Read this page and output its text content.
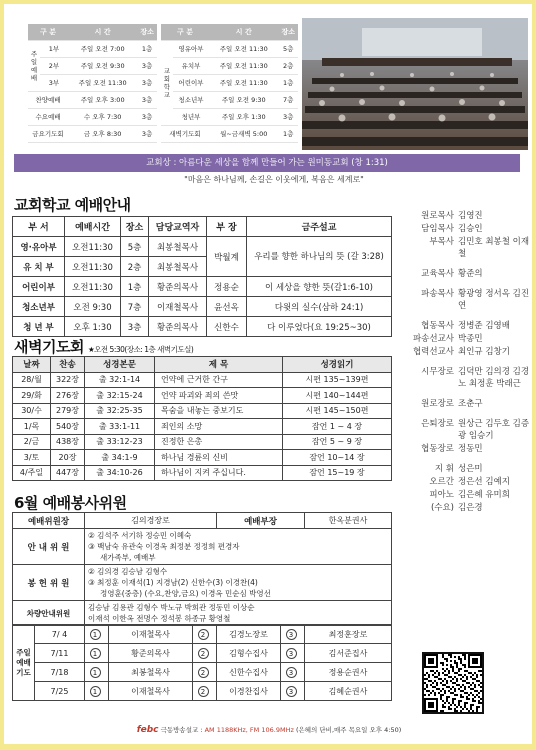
구 분		시 간	장소		구 분		시 간	장소
주일예배	1부	주일 오전 7:00	1층		교회학교	영유아부	주일 오전 11:30	5층
	2부	주일 오전 9:30	3층			유치부	주일 오전 11:30	2층
	3부	주일 오전 11:30	3층			어린이부	주일 오전 11:30	1층
찬양예배		주일 오후 3:00	3층			청소년부	주일 오전 9:30	7층
수요예배		수 오후 7:30	3층			청년부	주일 오후 1:30	3층
금요기도회		금 오후 8:30	3층		새벽기도회		월~금새벽 5:00	1층
교회상 : 아름다운 세상을 함께 만들어 가는 원미동교회 (창 1:31)
"마음은 하나님께, 손길은 이웃에게, 복음은 세계로"
교회학교 예배안내
부 서	예배시간	장소	담당교역자	부 장	금주설교
영·유아부	오전11:30	5층	최봉철목사	박월계	우리를 향한 하나님의 뜻 (갈 3:28)
유 치 부	오전11:30	2층	최봉철목사		
어린이부	오전11:30	1층	황준의목사	정용순	이 세상을 향한 뜻(갈1:6-10)
청소년부	오전 9:30	7층	이재철목사	윤선옥	다윗의 실수(삼하 24:1)
청 년 부	오후 1:30	3층	황준의목사	신한수	다 이루었다(요 19:25~30)
새벽기도회 ★오전 5:30(장소: 1층 새벽기도실)
날짜	찬송	성경본문	제 목	성경읽기
28/월	322장	출 32:1-14	언약에 근거한 간구	시편 135~139편
29/화	276장	출 32:15-24	언약 파괴와 죄의 쓴맛	시편 140~144편
30/수	279장	출 32:25-35	목숨을 내놓는 중보기도	시편 145~150편
1/목	540장	출 33:1-11	죄인의 소망	잠언 1 ~ 4 장
2/금	438장	출 33:12-23	진정한 은총	잠언 5 ~ 9 장
3/토	20장	출 34:1-9	하나님 경륜의 신비	잠언 10~14 장
4/주일	447장	출 34:10-26	하나님이 지켜 주십니다.	잠언 15~19 장
6월 예배봉사위원
예배위원장	김의경장로	예배부장	한옥분권사
안 내 위 원	② 김석주 서기하 정승민 이혜숙
③ 백남숙 유관숙 이경옥 최정분 정정희 편경자
새가족부, 예배부		

봉 헌 위 원	② 김의경 김승남 김형수
③ 최정훈 이재석(1) 지경남(2) 신한수(3) 이경찬(4)
정영훈(중층) (수요,찬양,금요) 이경옥 민순심 박영선		

차량안내위원	김승남 김용관 김형수 박노규 박희관 정동민 이상순
이재석 이한옥 전명수 정석봉 하종규 황영철		
주일 예배 기도	7/ 4	1	이재철목사	2	김경노장로	3	최정훈장로
	7/11	1	황준의목사	2	김형수집사	3	김서준집사
	7/18	1	최봉철목사	2	신한수집사	3	정용순권사
	7/25	1	이재철목사	2	이경찬집사	3	김혜순권사
원로목사 김영진
담임목사 김승인
부목사 김민호 최봉철 이재철
교육목사 황준의
파송목사 황광영 정서옥 김진연
협동목사 정병준 김영배
파송선교사 박종민
협력선교사 최인규 김창기
시무장로 김덕만 김의경 김경노 최정훈 박래근
원로장로 조춘구
은퇴장로 원상근 김두호 김증광 임승기
협동장로 정동민
지 휘 성은미
오르간 정은선 김예지
피아노 김은혜 유미희
(수요) 김은경
febc 극동방송설교 : AM 1188KHz, FM 106.9MHz (은혜의 단비,매주 목요일 오후 4:50)
